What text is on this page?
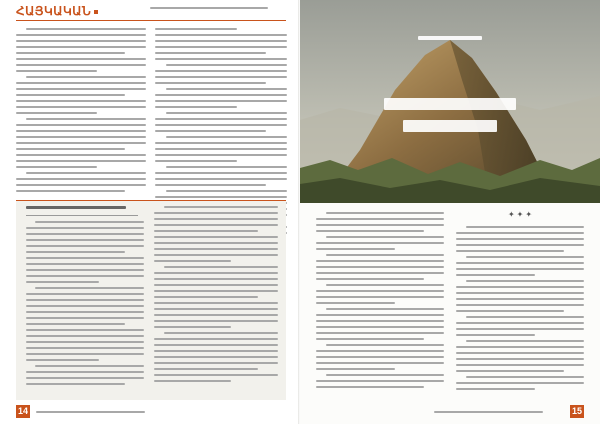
ՀԱՅԿԱԿԱՆ
14
✦✦✦
15
